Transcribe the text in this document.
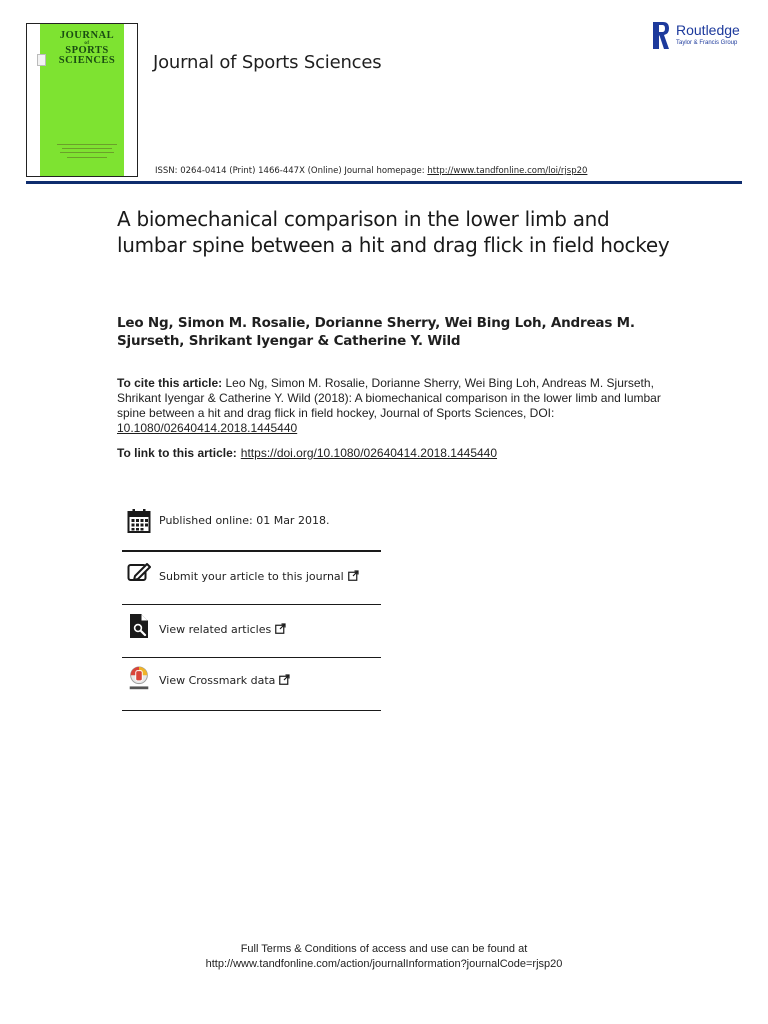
JOURNAL
of
SPORTS
SCIENCES	Journal of Sports Sciences
Routledge
Taylor & Francis Group
ISSN: 0264-0414 (Print) 1466-447X (Online) Journal homepage: http://www.tandfonline.com/loi/rjsp20
A biomechanical comparison in the lower limb and lumbar spine between a hit and drag flick in field hockey
Leo Ng, Simon M. Rosalie, Dorianne Sherry, Wei Bing Loh, Andreas M. Sjurseth, Shrikant Iyengar & Catherine Y. Wild
To cite this article: Leo Ng, Simon M. Rosalie, Dorianne Sherry, Wei Bing Loh, Andreas M. Sjurseth, Shrikant Iyengar & Catherine Y. Wild (2018): A biomechanical comparison in the lower limb and lumbar spine between a hit and drag flick in field hockey, Journal of Sports Sciences, DOI: 10.1080/02640414.2018.1445440
To link to this article: https://doi.org/10.1080/02640414.2018.1445440
Published online: 01 Mar 2018.
Submit your article to this journal
View related articles
View Crossmark data
Full Terms & Conditions of access and use can be found at
http://www.tandfonline.com/action/journalInformation?journalCode=rjsp20
